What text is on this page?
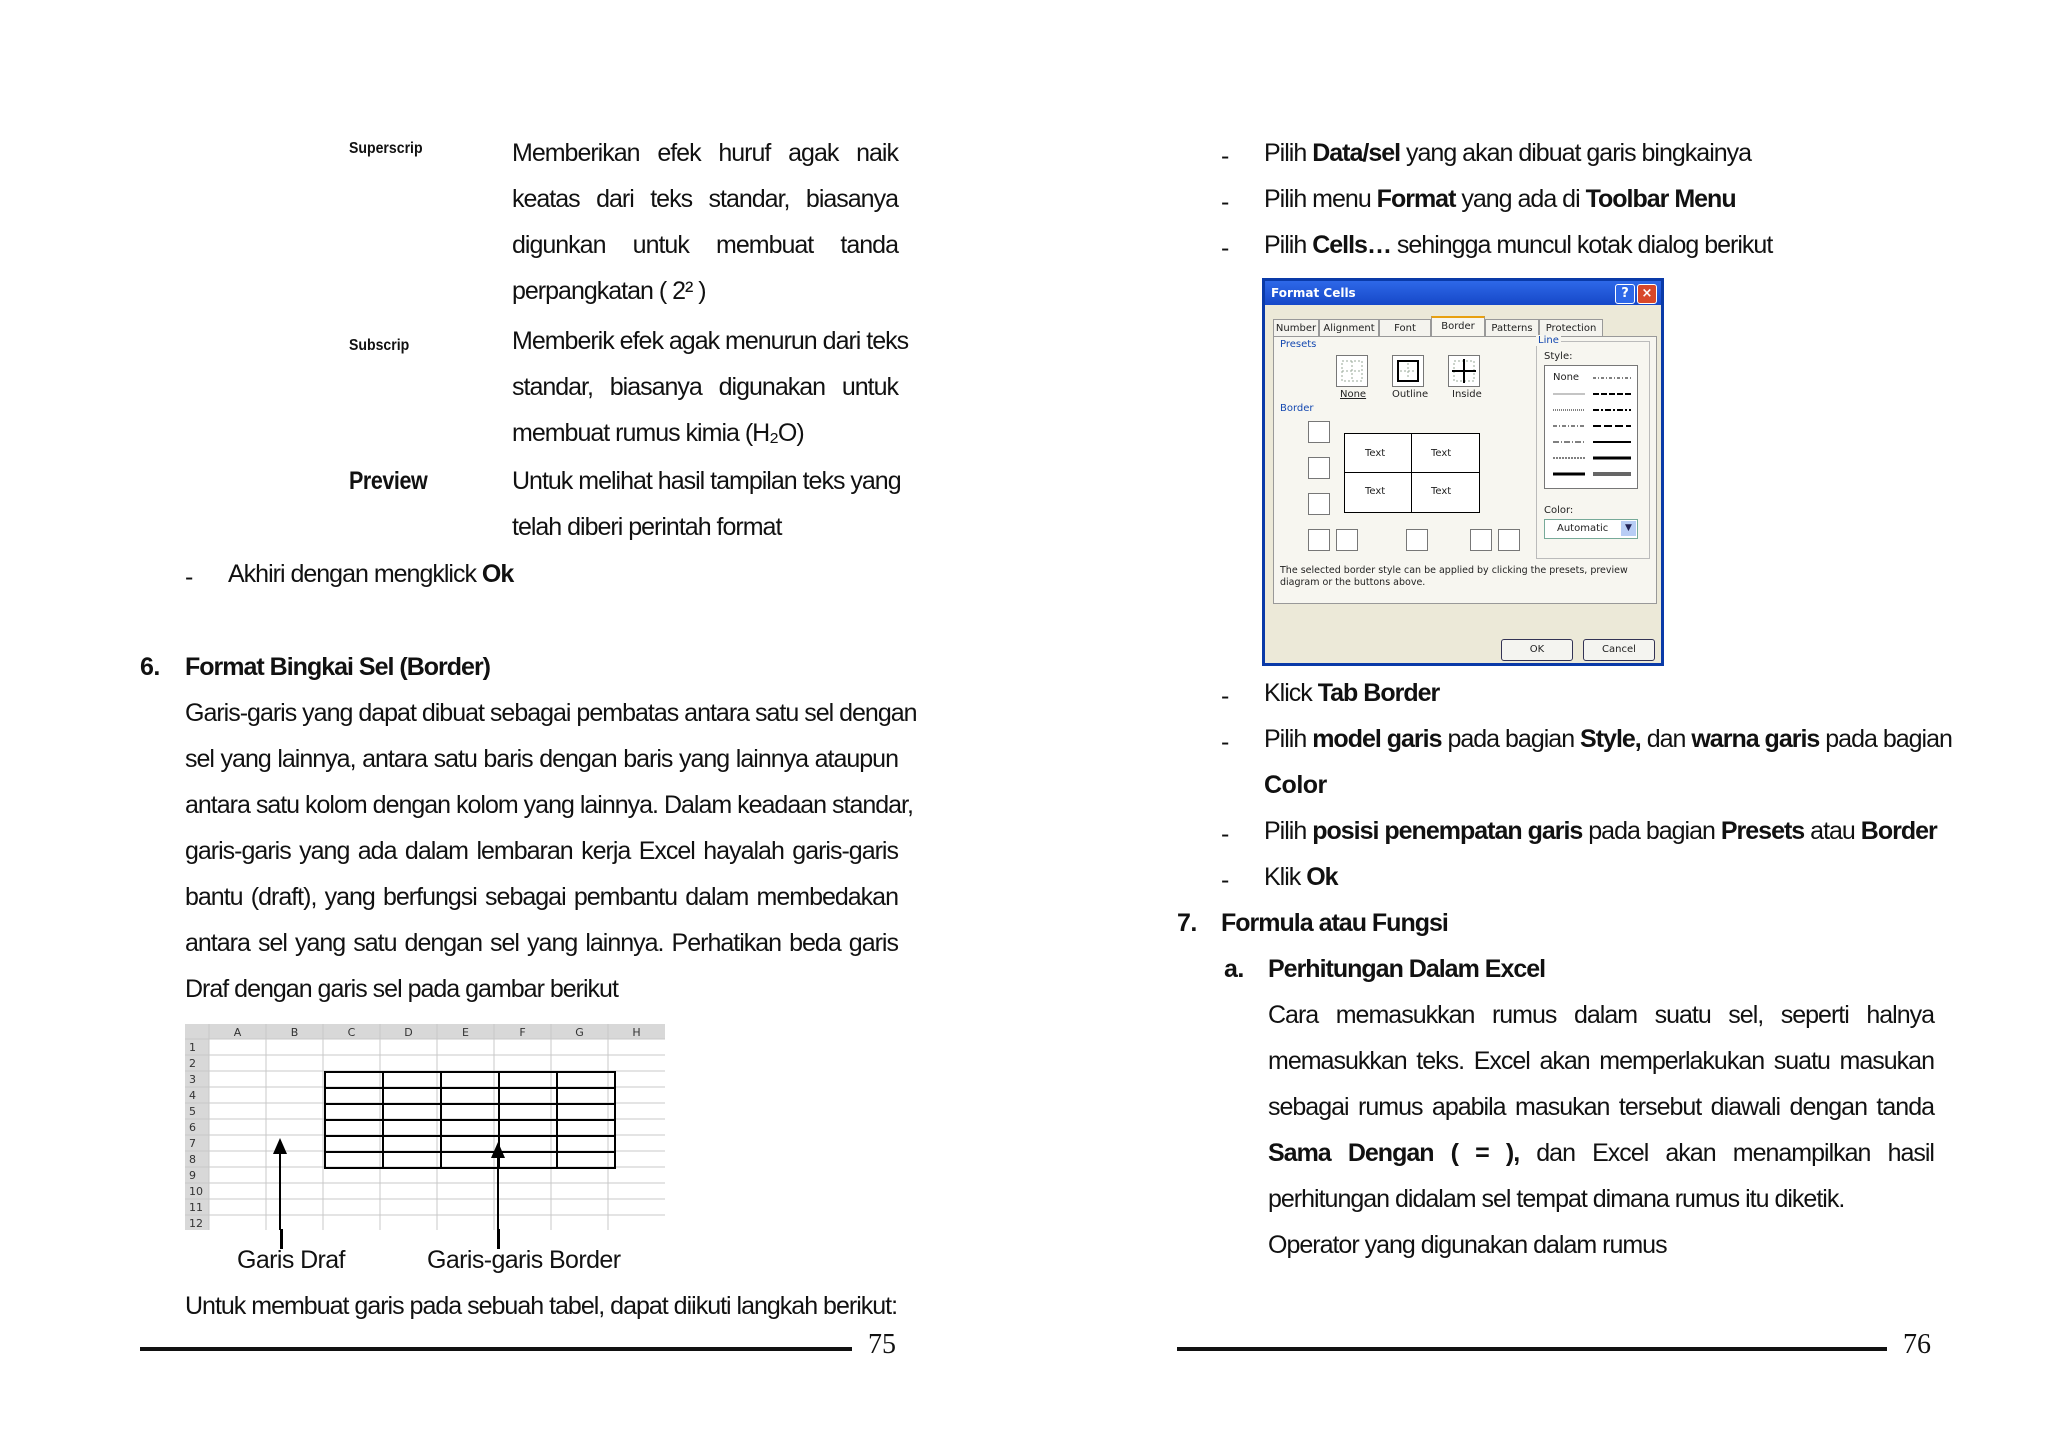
Superscrip	Memberikan efek huruf agak naik
keatas dari teks standar, biasanya
digunkan untuk membuat tanda
perpangkatan ( 2² )
Subscrip	Memberik efek agak menurun dari teks
standar, biasanya digunakan untuk
membuat rumus kimia (H₂O)
Preview	Untuk melihat hasil tampilan teks yang
telah diberi perintah format
- Akhiri dengan mengklick Ok
6. Format Bingkai Sel (Border)
Garis-garis yang dapat dibuat sebagai pembatas antara satu sel dengan
sel yang lainnya, antara satu baris dengan baris yang lainnya ataupun
antara satu kolom dengan kolom yang lainnya. Dalam keadaan standar,
garis-garis yang ada dalam lembaran kerja Excel hayalah garis-garis
bantu (draft), yang berfungsi sebagai pembantu dalam membedakan
antara sel yang satu dengan sel yang lainnya. Perhatikan beda garis
Draf dengan garis sel pada gambar berikut
A	B	C	D	E	F	G	H
1
2
3
4
5
6
7
8
9
10
11
12
Garis Draf	Garis-garis Border
Untuk membuat garis pada sebuah tabel, dapat diikuti langkah berikut:
75
- Pilih Data/sel yang akan dibuat garis bingkainya
- Pilih menu Format yang ada di Toolbar Menu
- Pilih Cells… sehingga muncul kotak dialog berikut
Format Cells	? ×
Number Alignment	Font	Border	Patterns	Protection
Presets
None	Outline Inside
Border
Text	Text
Text	Text
Line
Style:
None
Color:
Automatic	▼
The selected border style can be applied by clicking the presets, preview
diagram or the buttons above.
OK	Cancel
- Klick Tab Border
- Pilih model garis pada bagian Style, dan warna garis pada bagian
Color
- Pilih posisi penempatan garis pada bagian Presets atau Border
- Klik Ok
7. Formula atau Fungsi
a. Perhitungan Dalam Excel
Cara memasukkan rumus dalam suatu sel, seperti halnya
memasukkan teks. Excel akan memperlakukan suatu masukan
sebagai rumus apabila masukan tersebut diawali dengan tanda
Sama Dengan ( = ), dan Excel akan menampilkan hasil
perhitungan didalam sel tempat dimana rumus itu diketik.
Operator yang digunakan dalam rumus
76
